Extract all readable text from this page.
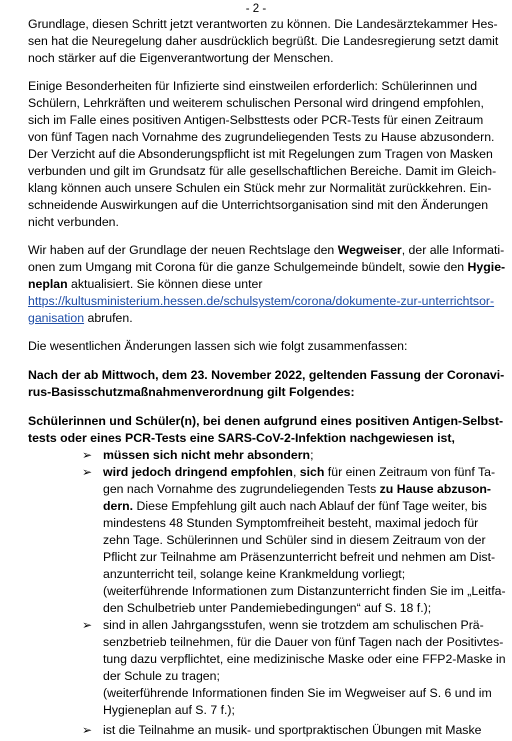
- 2 -
Grundlage, diesen Schritt jetzt verantworten zu können. Die Landesärztekammer Hes-
sen hat die Neuregelung daher ausdrücklich begrüßt. Die Landesregierung setzt damit
noch stärker auf die Eigenverantwortung der Menschen.
Einige Besonderheiten für Infizierte sind einstweilen erforderlich: Schülerinnen und
Schülern, Lehrkräften und weiterem schulischen Personal wird dringend empfohlen,
sich im Falle eines positiven Antigen-Selbsttests oder PCR-Tests für einen Zeitraum
von fünf Tagen nach Vornahme des zugrundeliegenden Tests zu Hause abzusondern.
Der Verzicht auf die Absonderungspflicht ist mit Regelungen zum Tragen von Masken
verbunden und gilt im Grundsatz für alle gesellschaftlichen Bereiche. Damit im Gleich-
klang können auch unsere Schulen ein Stück mehr zur Normalität zurückkehren. Ein-
schneidende Auswirkungen auf die Unterrichtsorganisation sind mit den Änderungen
nicht verbunden.
Wir haben auf der Grundlage der neuen Rechtslage den Wegweiser, der alle Informati-
onen zum Umgang mit Corona für die ganze Schulgemeinde bündelt, sowie den Hygie-
neplan aktualisiert. Sie können diese unter
https://kultusministerium.hessen.de/schulsystem/corona/dokumente-zur-unterrichtsor-
ganisation abrufen.
Die wesentlichen Änderungen lassen sich wie folgt zusammenfassen:
Nach der ab Mittwoch, dem 23. November 2022, geltenden Fassung der Coronavi-
rus-Basisschutzmaßnahmenverordnung gilt Folgendes:
Schülerinnen und Schüler(n), bei denen aufgrund eines positiven Antigen-Selbst-
tests oder eines PCR-Tests eine SARS-CoV-2-Infektion nachgewiesen ist,
➢ müssen sich nicht mehr absondern;
➢ wird jedoch dringend empfohlen, sich für einen Zeitraum von fünf Ta-
gen nach Vornahme des zugrundeliegenden Tests zu Hause abzuson-
dern. Diese Empfehlung gilt auch nach Ablauf der fünf Tage weiter, bis
mindestens 48 Stunden Symptomfreiheit besteht, maximal jedoch für
zehn Tage. Schülerinnen und Schüler sind in diesem Zeitraum von der
Pflicht zur Teilnahme am Präsenzunterricht befreit und nehmen am Dist-
anzunterricht teil, solange keine Krankmeldung vorliegt;
(weiterführende Informationen zum Distanzunterricht finden Sie im „Leitfa-
den Schulbetrieb unter Pandemiebedingungen“ auf S. 18 f.);
➢ sind in allen Jahrgangsstufen, wenn sie trotzdem am schulischen Prä-
senzbetrieb teilnehmen, für die Dauer von fünf Tagen nach der Positivtes-
tung dazu verpflichtet, eine medizinische Maske oder eine FFP2-Maske in
der Schule zu tragen;
(weiterführende Informationen finden Sie im Wegweiser auf S. 6 und im
Hygieneplan auf S. 7 f.);
➢ ist die Teilnahme an musik- und sportpraktischen Übungen mit Maske
